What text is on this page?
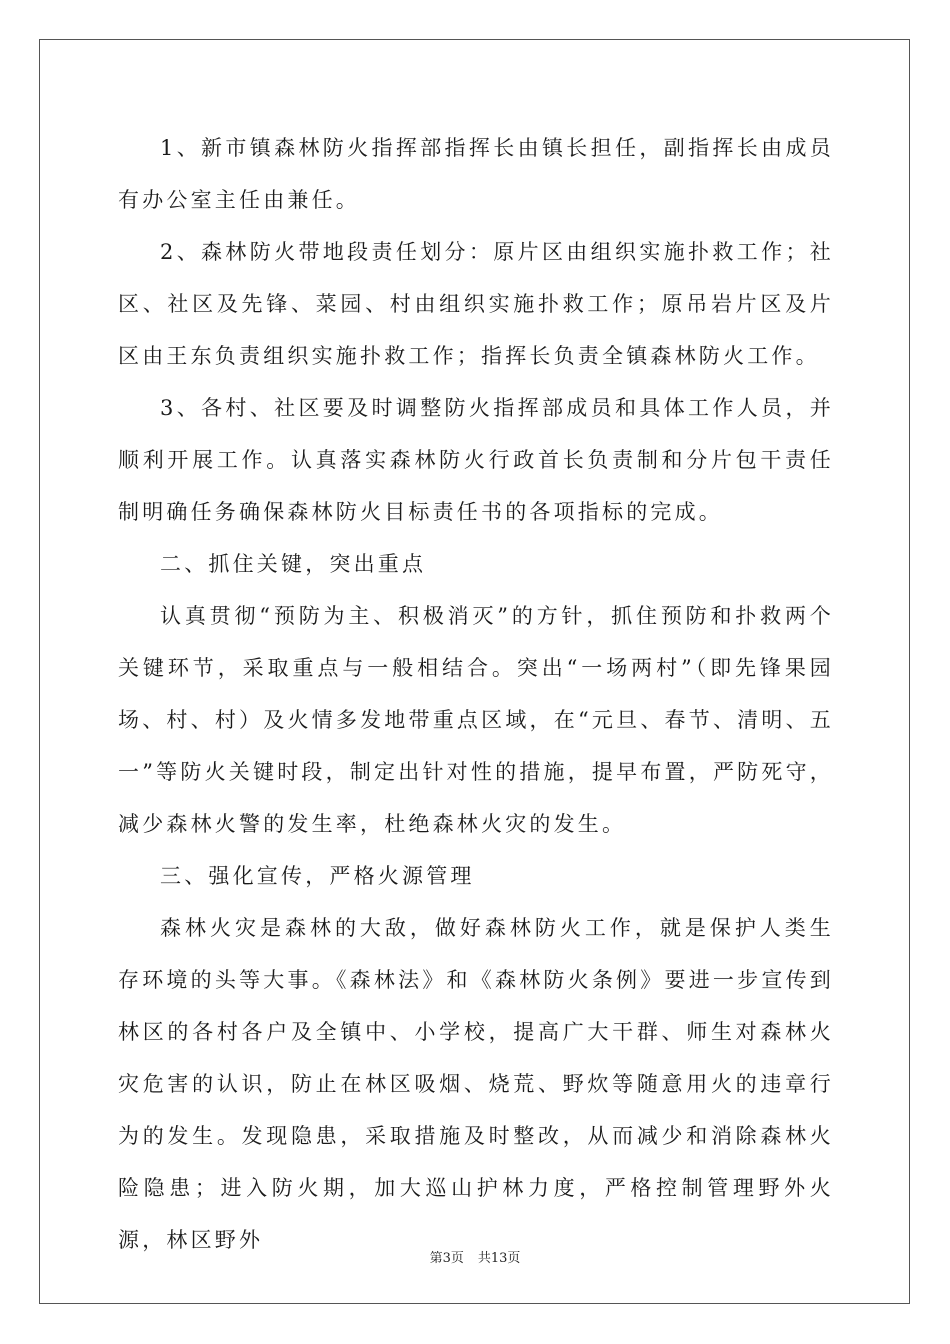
1、新市镇森林防火指挥部指挥长由镇长担任，副指挥长由成员有办公室主任由兼任。

2、森林防火带地段责任划分：原片区由组织实施扑救工作；社区、社区及先锋、菜园、村由组织实施扑救工作；原吊岩片区及片区由王东负责组织实施扑救工作；指挥长负责全镇森林防火工作。

3、各村、社区要及时调整防火指挥部成员和具体工作人员，并顺利开展工作。认真落实森林防火行政首长负责制和分片包干责任制明确任务确保森林防火目标责任书的各项指标的完成。

二、抓住关键，突出重点

认真贯彻“预防为主、积极消灭”的方针，抓住预防和扑救两个关键环节，采取重点与一般相结合。突出“一场两村”（即先锋果园场、村、村）及火情多发地带重点区域，在“元旦、春节、清明、五一”等防火关键时段，制定出针对性的措施，提早布置，严防死守，减少森林火警的发生率，杜绝森林火灾的发生。

三、强化宣传，严格火源管理

森林火灾是森林的大敌，做好森林防火工作，就是保护人类生存环境的头等大事。《森林法》和《森林防火条例》要进一步宣传到林区的各村各户及全镇中、小学校，提高广大干群、师生对森林火灾危害的认识，防止在林区吸烟、烧荒、野炊等随意用火的违章行为的发生。发现隐患，采取措施及时整改，从而减少和消除森林火险隐患；进入防火期，加大巡山护林力度，严格控制管理野外火源，林区野外

第3页 共13页
